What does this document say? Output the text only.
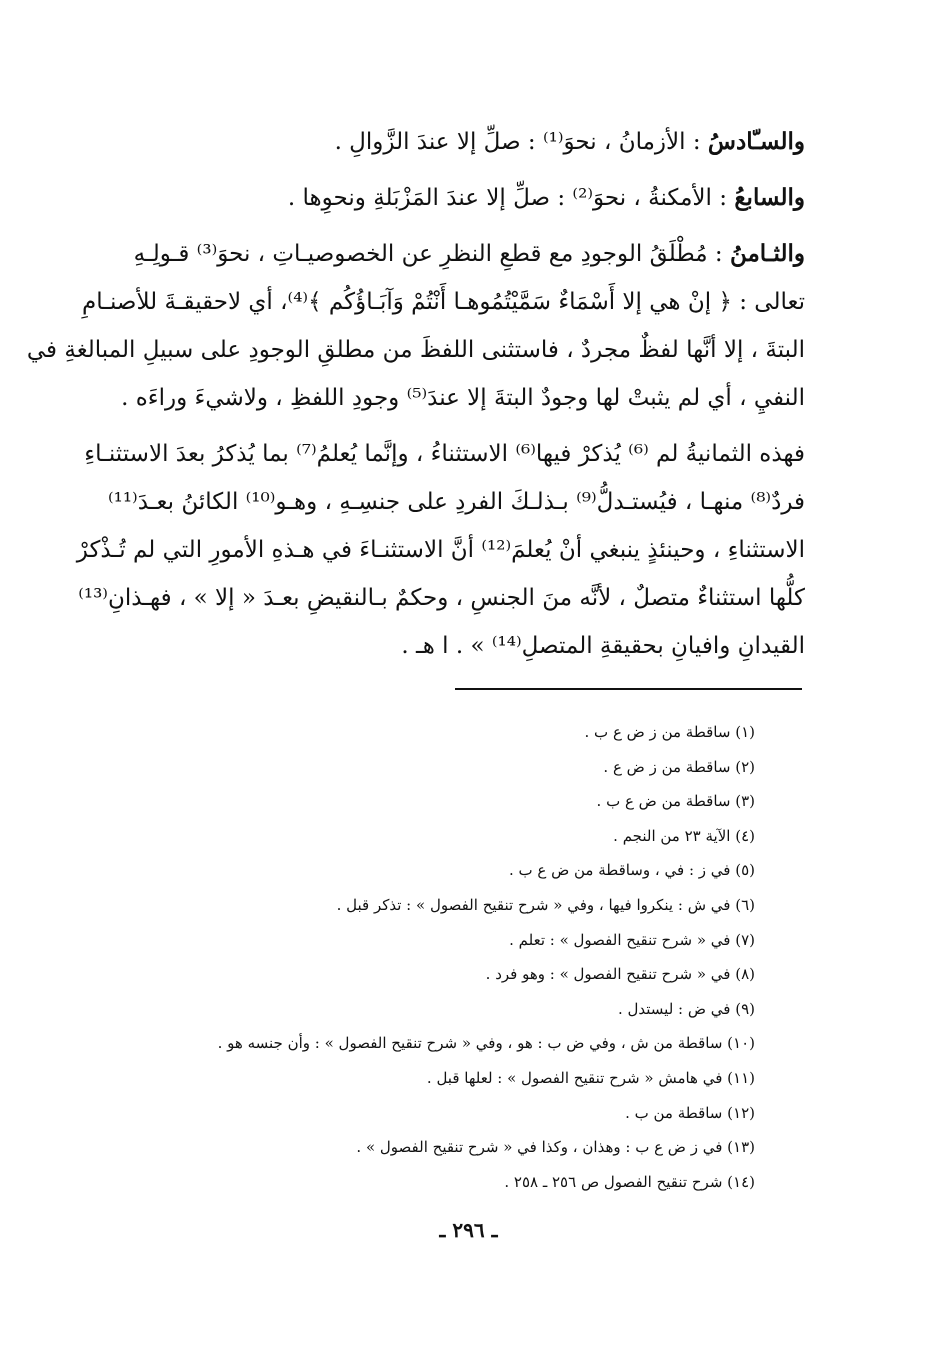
والسـّادسُ : الأزمانُ ، نحوَ⁽¹⁾ : صلِّ إلا عندَ الزَّوالِ .
والسابعُ : الأمكنةُ ، نحوَ⁽²⁾ : صلِّ إلا عندَ المَزْبَلةِ ونحوِها .
والثـامنُ : مُطْلَقُ الوجودِ مع قطعِ النظرِ عن الخصوصيـاتِ ، نحوَ⁽³⁾ قـولِـهِ
تعالى : ﴿ إنْ هي إلا أَسْمَاءٌ سَمَّيْتُمُوهـا أَنْتُمْ وَآبَـاؤُكُم ﴾⁽⁴⁾، أي لاحقيقـةَ للأصنـامِ
البتةَ ، إلا أنَّها لفظٌ مجردٌ ، فاستثنى اللفظَ من مطلقِ الوجودِ على سبيلِ المبالغةِ في
النفيِ ، أي لم يثبتْ لها وجودٌ البتةَ إلا عندَ⁽⁵⁾ وجودِ اللفظِ ، ولاشيءَ وراءَه .
فهذه الثمانيةُ لم ⁽⁶⁾ يُذكرْ فيها⁽⁶⁾ الاستثناءُ ، وإنَّما يُعلمُ⁽⁷⁾ بما يُذكرُ بعدَ الاستثنـاءِ
فردٌ⁽⁸⁾ منهـا ، فيُستـدلُّ⁽⁹⁾ بـذلـكَ الفردِ على جنسِـهِ ، وهـو⁽¹⁰⁾ الكائنُ بعـدَ⁽¹¹⁾
الاستثناءِ ، وحينئذٍ ينبغي أنْ يُعلمَ⁽¹²⁾ أنَّ الاستثنـاءَ في هـذهِ الأمورِ التي لم تُـذْكرْ
كلُّها استثناءٌ متصلٌ ، لأنَّه منَ الجنسِ ، وحكمٌ بـالنقيضِ بعـدَ « إلا » ، فهـذانِ⁽¹³⁾
القيدانِ وافيانِ بحقيقةِ المتصلِ⁽¹⁴⁾ » . ا هـ .
(١) ساقطة من ز ض ع ب .
(٢) ساقطة من ز ض ع .
(٣) ساقطة من ض ع ب .
(٤) الآية ٢٣ من النجم .
(٥) في ز : في ، وساقطة من ض ع ب .
(٦) في ش : ينكروا فيها ، وفي « شرح تنقيح الفصول » : تذكر قبل .
(٧) في « شرح تنقيح الفصول » : تعلم .
(٨) في « شرح تنقيح الفصول » : وهو فرد .
(٩) في ض : ليستدل .
(١٠) ساقطة من ش ، وفي ض ب : هو ، وفي « شرح تنقيح الفصول » : وأن جنسه هو .
(١١) في هامش « شرح تنقيح الفصول » : لعلها قبل .
(١٢) ساقطة من ب .
(١٣) في ز ض ع ب : وهذان ، وكذا في « شرح تنقيح الفصول » .
(١٤) شرح تنقيح الفصول ص ٢٥٦ ـ ٢٥٨ .
ـ ٢٩٦ ـ
